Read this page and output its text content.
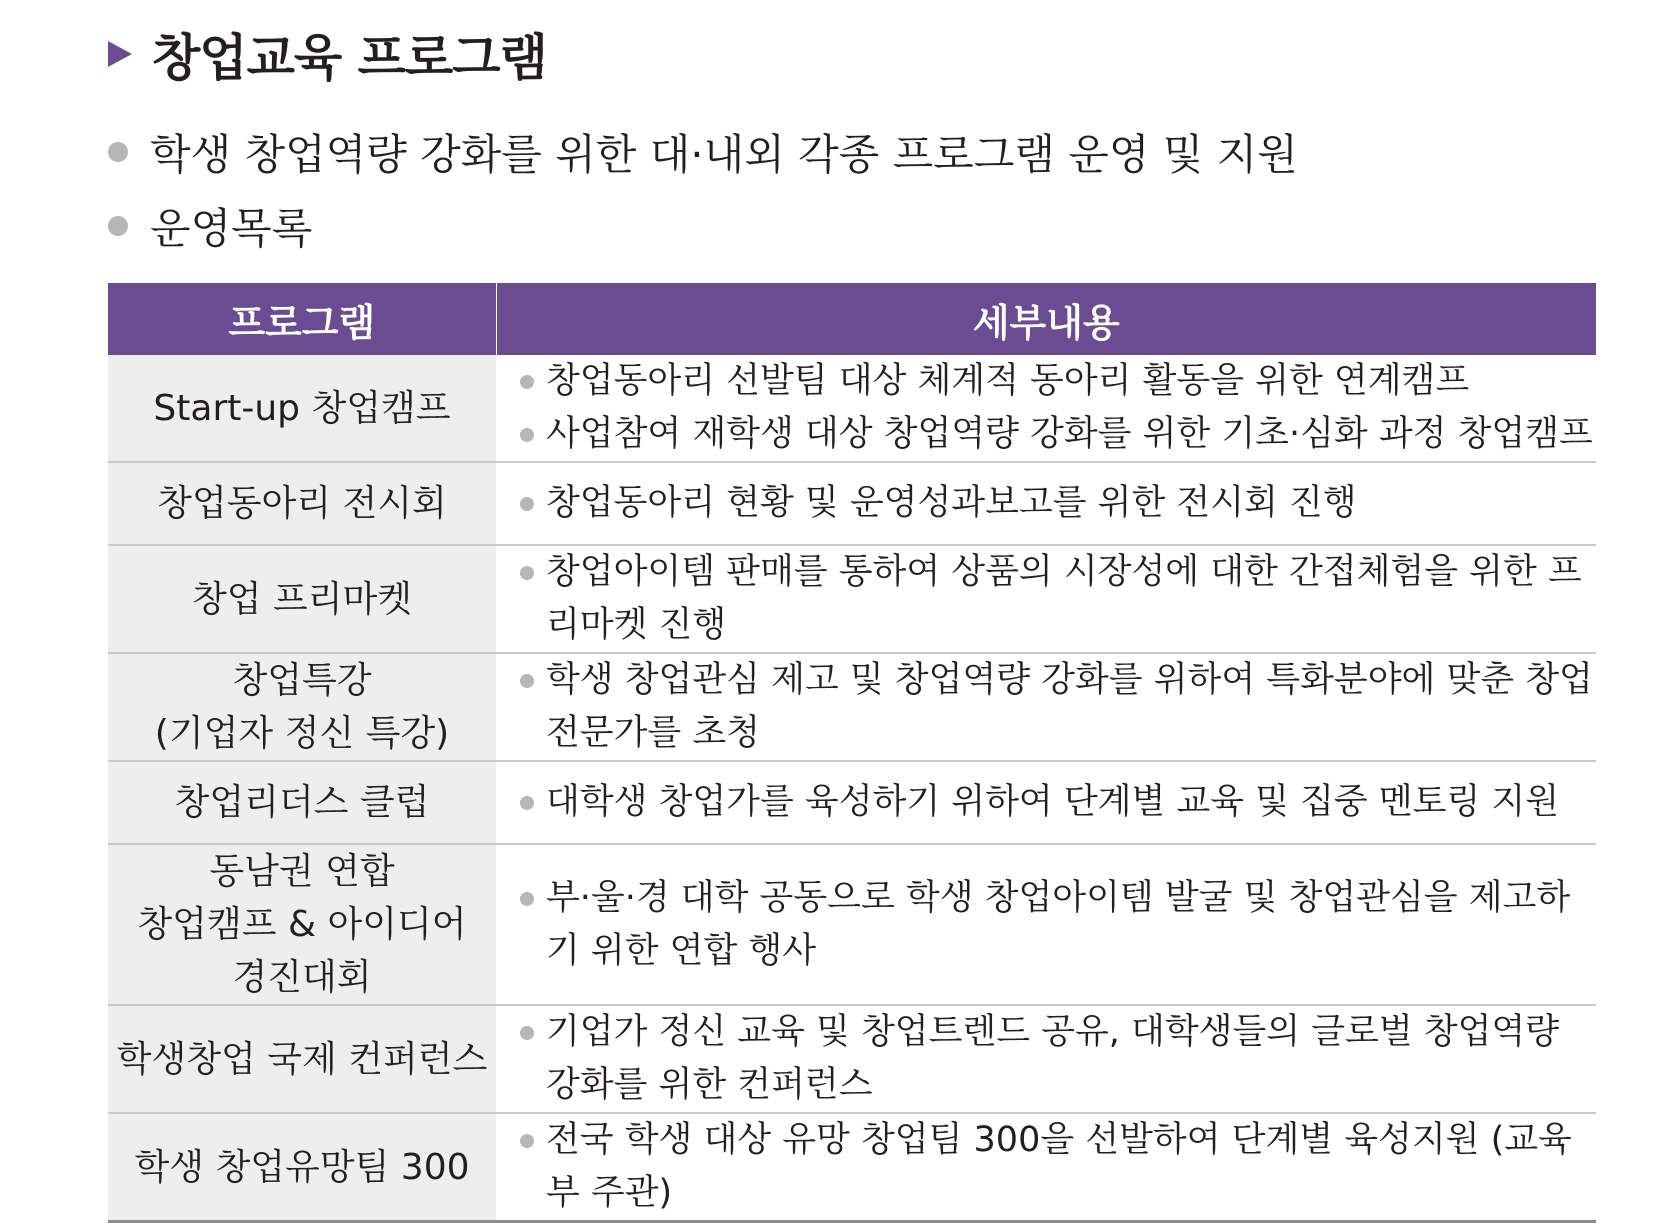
창업교육 프로그램
학생 창업역량 강화를 위한 대·내외 각종 프로그램 운영 및 지원
운영목록
프로그램	세부내용

Start-up 창업캠프	창업동아리 선발팀 대상 체계적 동아리 활동을 위한 연계캠프
사업참여 재학생 대상 창업역량 강화를 위한 기초·심화 과정 창업캠프

창업동아리 전시회	창업동아리 현황 및 운영성과보고를 위한 전시회 진행

창업 프리마켓	창업아이템 판매를 통하여 상품의 시장성에 대한 간접체험을 위한 프리마켓 진행

창업특강
(기업자 정신 특강)	학생 창업관심 제고 및 창업역량 강화를 위하여 특화분야에 맞춘 창업전문가를 초청

창업리더스 클럽	대학생 창업가를 육성하기 위하여 단계별 교육 및 집중 멘토링 지원

동남권 연합
창업캠프 & 아이디어
경진대회	부·울·경 대학 공동으로 학생 창업아이템 발굴 및 창업관심을 제고하기 위한 연합 행사

학생창업 국제 컨퍼런스	기업가 정신 교육 및 창업트렌드 공유, 대학생들의 글로벌 창업역량 강화를 위한 컨퍼런스

학생 창업유망팀 300	전국 학생 대상 유망 창업팀 300을 선발하여 단계별 육성지원 (교육부 주관)
